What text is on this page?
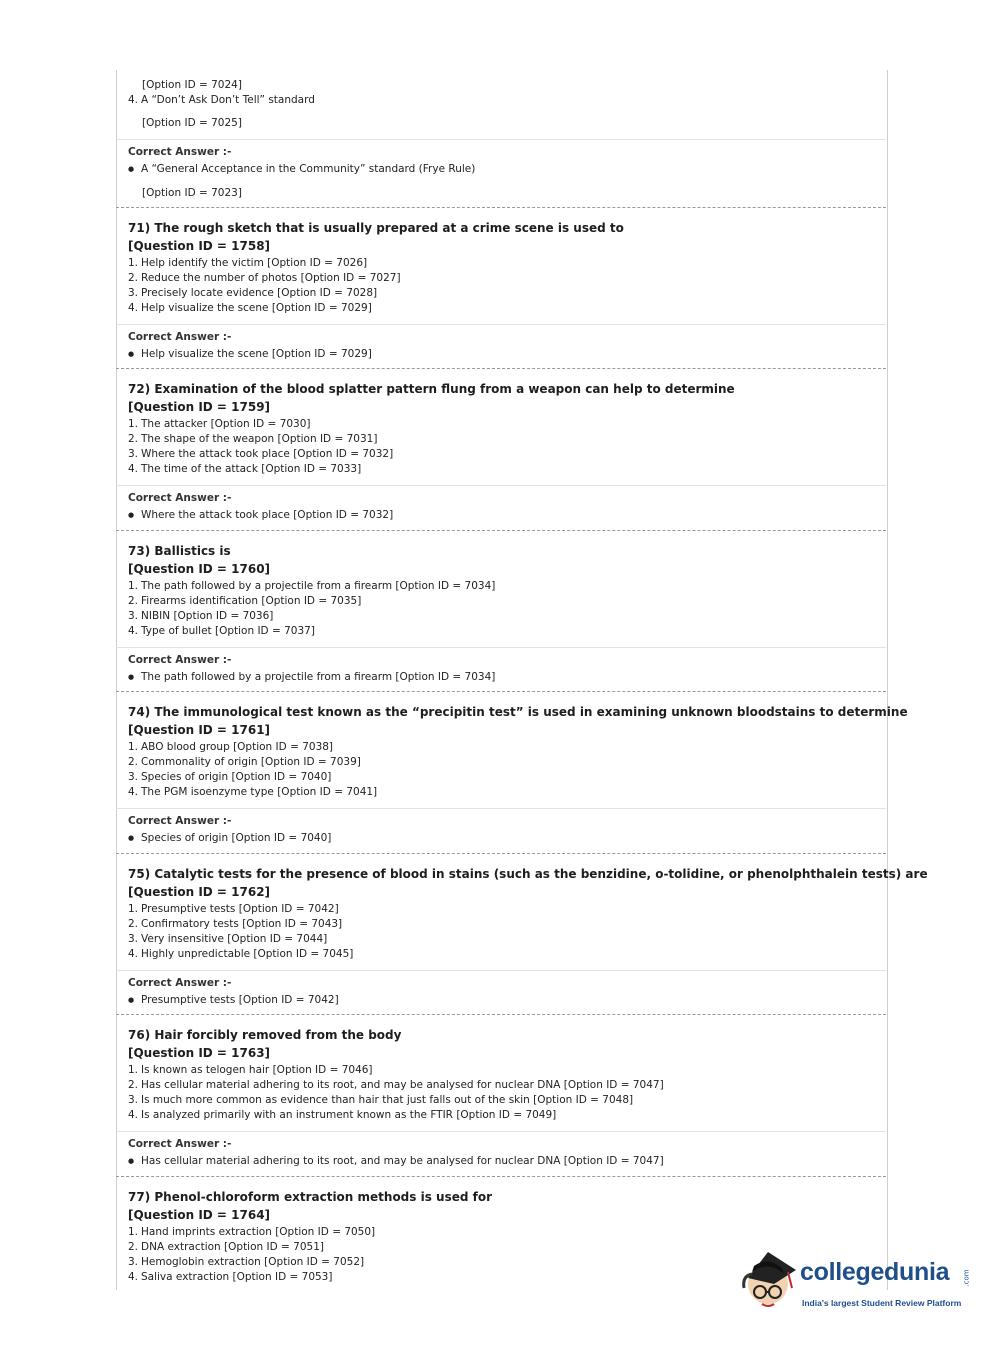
[Option ID = 7024]
4. A “Don’t Ask Don’t Tell” standard
[Option ID = 7025]
Correct Answer :-
● A “General Acceptance in the Community” standard (Frye Rule)
[Option ID = 7023]
71) The rough sketch that is usually prepared at a crime scene is used to
[Question ID = 1758]
1. Help identify the victim [Option ID = 7026]
2. Reduce the number of photos [Option ID = 7027]
3. Precisely locate evidence [Option ID = 7028]
4. Help visualize the scene [Option ID = 7029]
Correct Answer :-
● Help visualize the scene [Option ID = 7029]
72) Examination of the blood splatter pattern flung from a weapon can help to determine
[Question ID = 1759]
1. The attacker [Option ID = 7030]
2. The shape of the weapon [Option ID = 7031]
3. Where the attack took place [Option ID = 7032]
4. The time of the attack [Option ID = 7033]
Correct Answer :-
● Where the attack took place [Option ID = 7032]
73) Ballistics is
[Question ID = 1760]
1. The path followed by a projectile from a firearm [Option ID = 7034]
2. Firearms identification [Option ID = 7035]
3. NIBIN [Option ID = 7036]
4. Type of bullet [Option ID = 7037]
Correct Answer :-
● The path followed by a projectile from a firearm [Option ID = 7034]
74) The immunological test known as the “precipitin test” is used in examining unknown bloodstains to determine
[Question ID = 1761]
1. ABO blood group [Option ID = 7038]
2. Commonality of origin [Option ID = 7039]
3. Species of origin [Option ID = 7040]
4. The PGM isoenzyme type [Option ID = 7041]
Correct Answer :-
● Species of origin [Option ID = 7040]
75) Catalytic tests for the presence of blood in stains (such as the benzidine, o-tolidine, or phenolphthalein tests) are
[Question ID = 1762]
1. Presumptive tests [Option ID = 7042]
2. Confirmatory tests [Option ID = 7043]
3. Very insensitive [Option ID = 7044]
4. Highly unpredictable [Option ID = 7045]
Correct Answer :-
● Presumptive tests [Option ID = 7042]
76) Hair forcibly removed from the body
[Question ID = 1763]
1. Is known as telogen hair [Option ID = 7046]
2. Has cellular material adhering to its root, and may be analysed for nuclear DNA [Option ID = 7047]
3. Is much more common as evidence than hair that just falls out of the skin [Option ID = 7048]
4. Is analyzed primarily with an instrument known as the FTIR [Option ID = 7049]
Correct Answer :-
● Has cellular material adhering to its root, and may be analysed for nuclear DNA [Option ID = 7047]
77) Phenol-chloroform extraction methods is used for
[Question ID = 1764]
1. Hand imprints extraction [Option ID = 7050]
2. DNA extraction [Option ID = 7051]
3. Hemoglobin extraction [Option ID = 7052]
4. Saliva extraction [Option ID = 7053]	collegedunia .com
India's largest Student Review Platform
